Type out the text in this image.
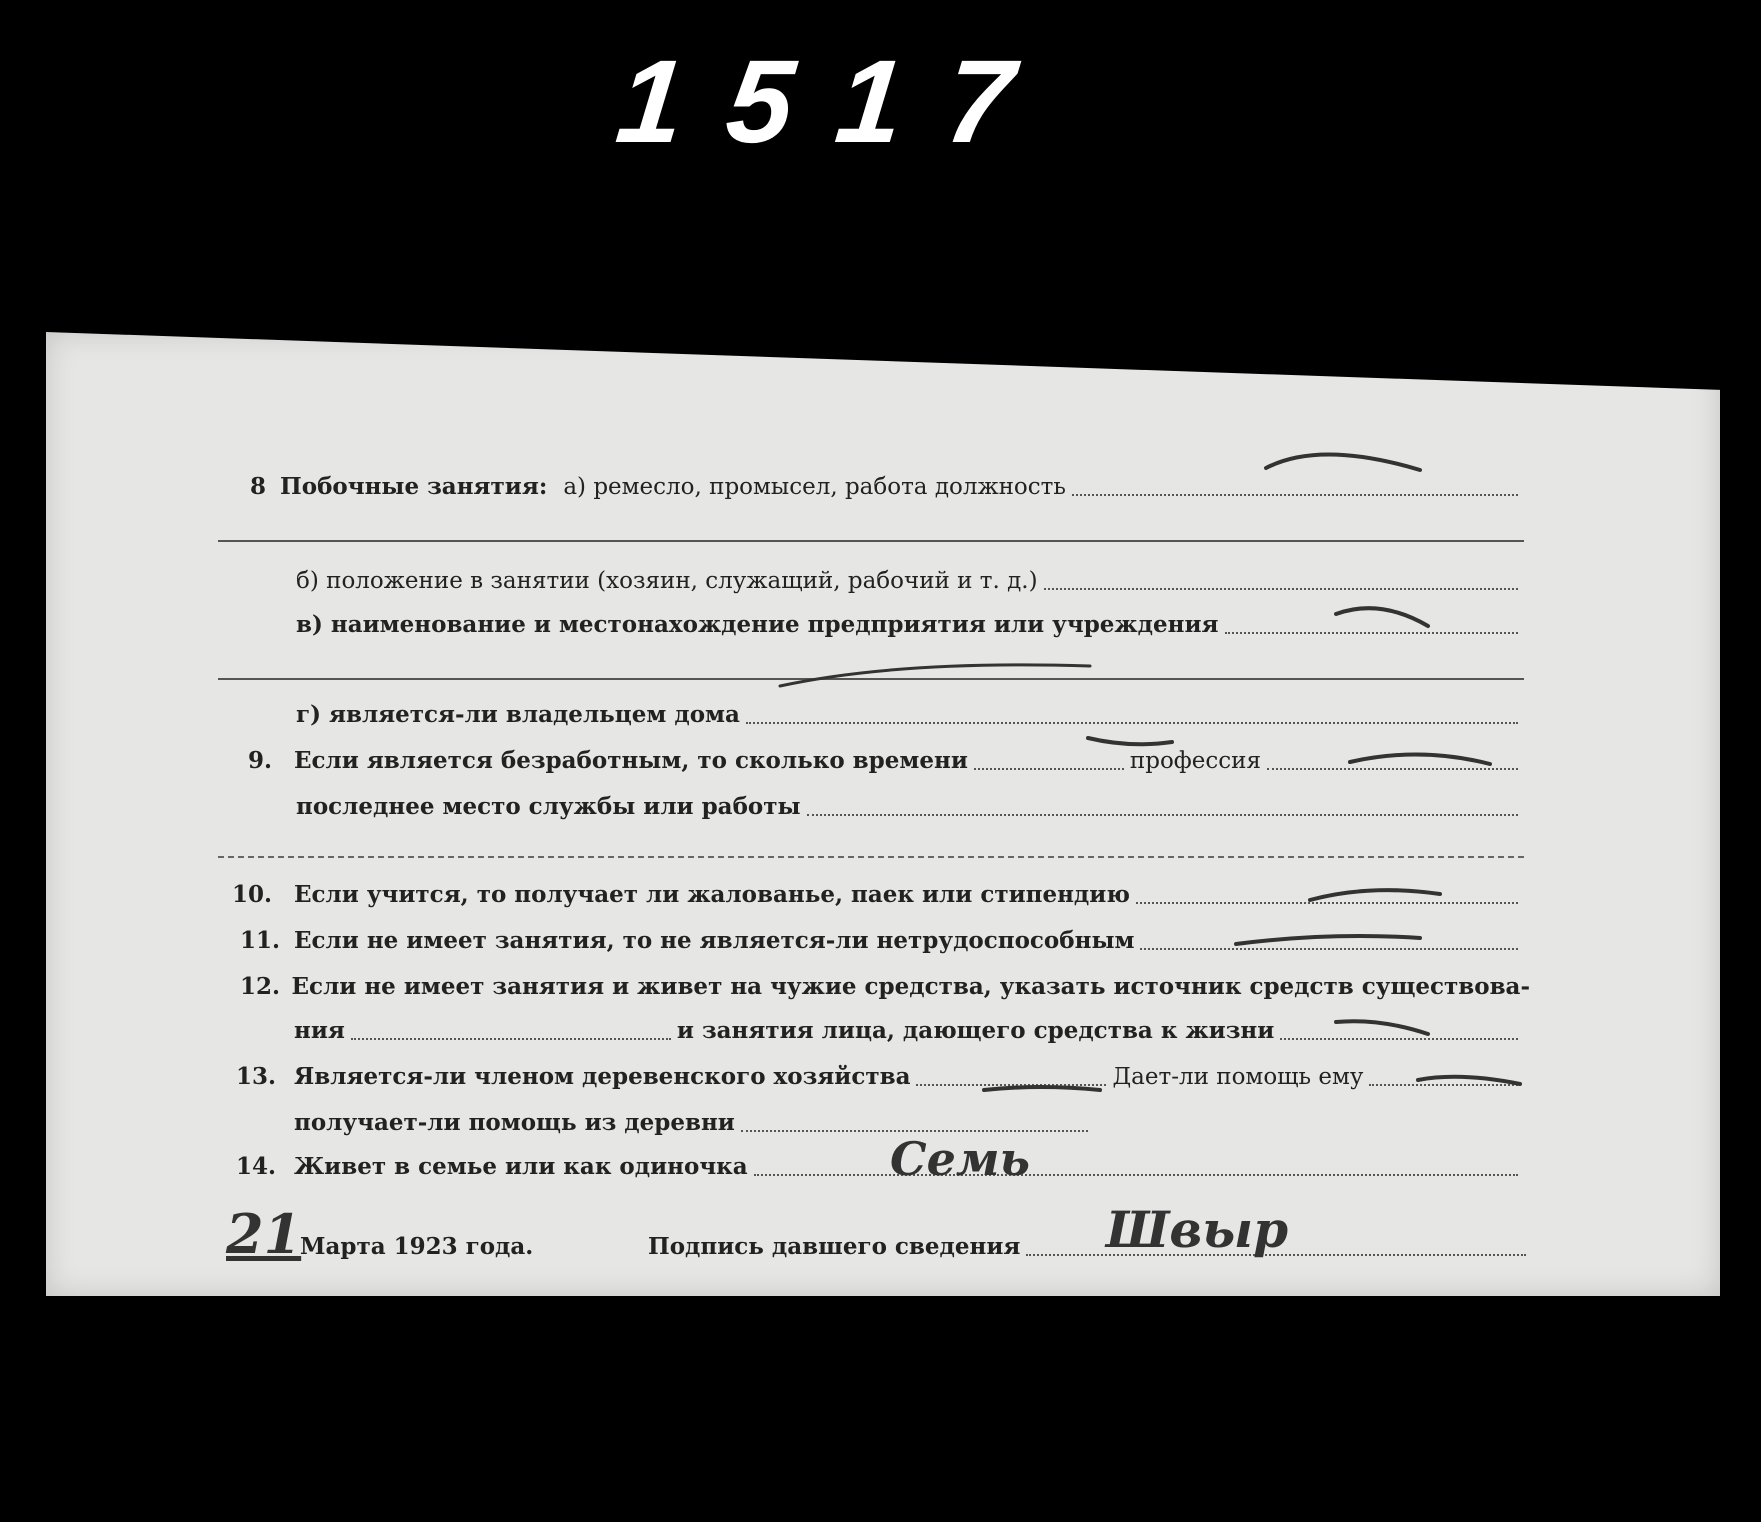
1517
8 Побочные занятия: а) ремесло, промысел, работа должность
б) положение в занятии (хозяин, служащий, рабочий и т. д.)
в) наименование и местонахождение предприятия или учреждения
г) является-ли владельцем дома
9. Если является безработным, то сколько времени	профессия
последнее место службы или работы
10. Если учится, то получает ли жалованье, паек или стипендию
11. Если не имеет занятия, то не является-ли нетрудоспособным
12. Если не имеет занятия и живет на чужие средства, указать источник средств существова-
ния	и занятия лица, дающего средства к жизни
13. Является-ли членом деревенского хозяйства	Дает-ли помощь ему
получает-ли помощь из деревни
14. Живет в семье или как одиночка	Семь
21
Марта 1923 года.	Подпись давшего сведения Швыр
